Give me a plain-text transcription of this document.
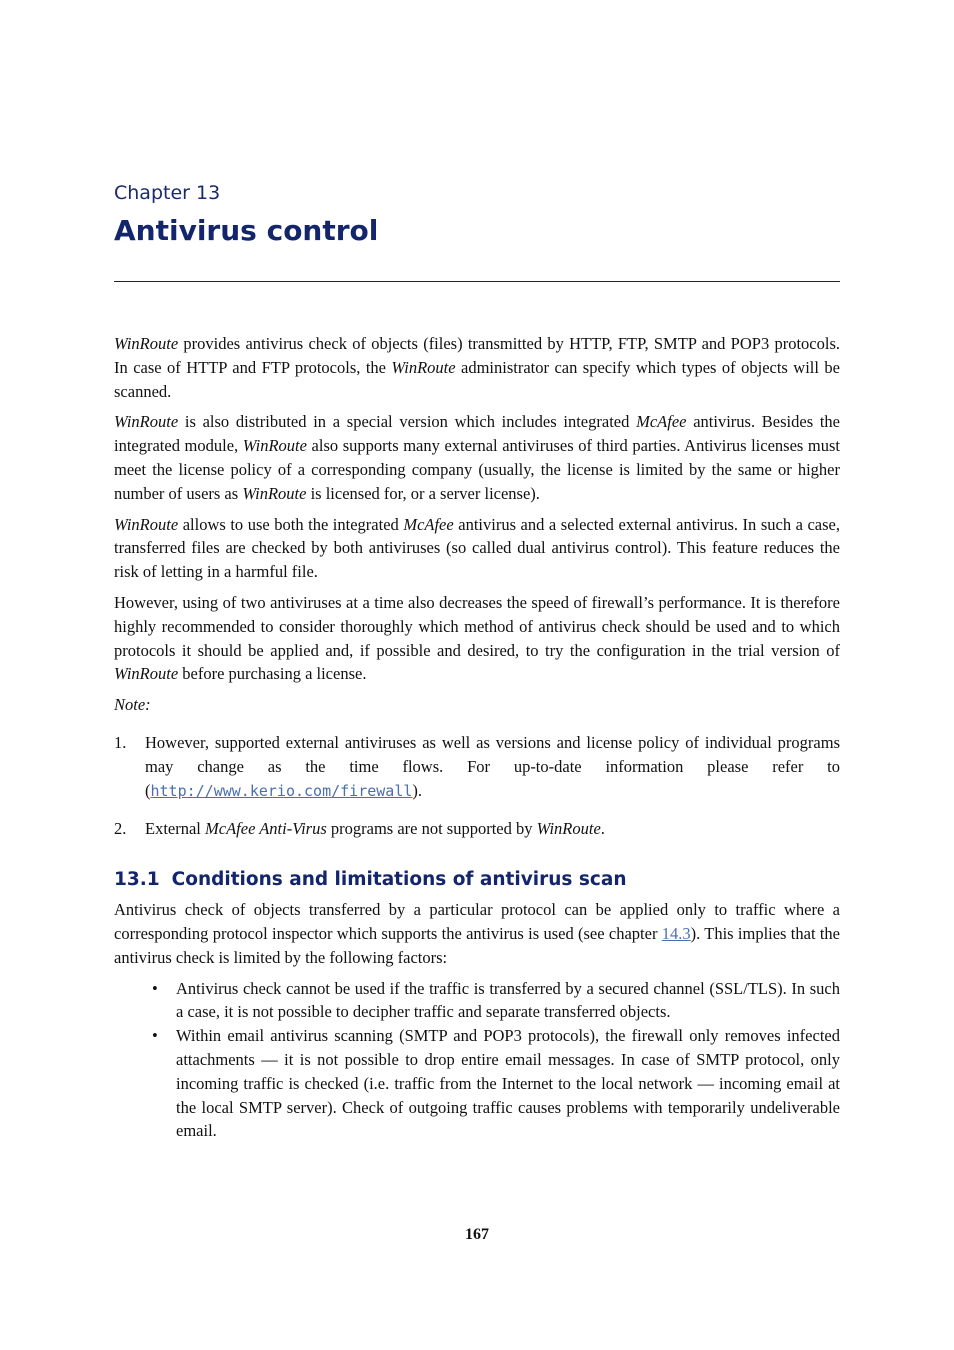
Chapter 13
Antivirus control

WinRoute provides antivirus check of objects (files) transmitted by HTTP, FTP, SMTP and POP3 protocols. In case of HTTP and FTP protocols, the WinRoute administrator can specify which types of objects will be scanned.

WinRoute is also distributed in a special version which includes integrated McAfee antivirus. Besides the integrated module, WinRoute also supports many external antiviruses of third parties. Antivirus licenses must meet the license policy of a corresponding company (usually, the license is limited by the same or higher number of users as WinRoute is licensed for, or a server license).

WinRoute allows to use both the integrated McAfee antivirus and a selected external antivirus. In such a case, transferred files are checked by both antiviruses (so called dual antivirus control). This feature reduces the risk of letting in a harmful file.

However, using of two antiviruses at a time also decreases the speed of firewall’s performance. It is therefore highly recommended to consider thoroughly which method of antivirus check should be used and to which protocols it should be applied and, if possible and desired, to try the configuration in the trial version of WinRoute before purchasing a license.

Note:

1. However, supported external antiviruses as well as versions and license policy of individual programs may change as the time flows. For up-to-date information please refer to (http://www.kerio.com/firewall).
2. External McAfee Anti-Virus programs are not supported by WinRoute.
13.1 Conditions and limitations of antivirus scan

Antivirus check of objects transferred by a particular protocol can be applied only to traffic where a corresponding protocol inspector which supports the antivirus is used (see chapter 14.3). This implies that the antivirus check is limited by the following factors:

• Antivirus check cannot be used if the traffic is transferred by a secured channel (SSL/TLS). In such a case, it is not possible to decipher traffic and separate transferred objects.
• Within email antivirus scanning (SMTP and POP3 protocols), the firewall only removes infected attachments — it is not possible to drop entire email messages. In case of SMTP protocol, only incoming traffic is checked (i.e. traffic from the Internet to the local network — incoming email at the local SMTP server). Check of outgoing traffic causes problems with temporarily undeliverable email.
167
